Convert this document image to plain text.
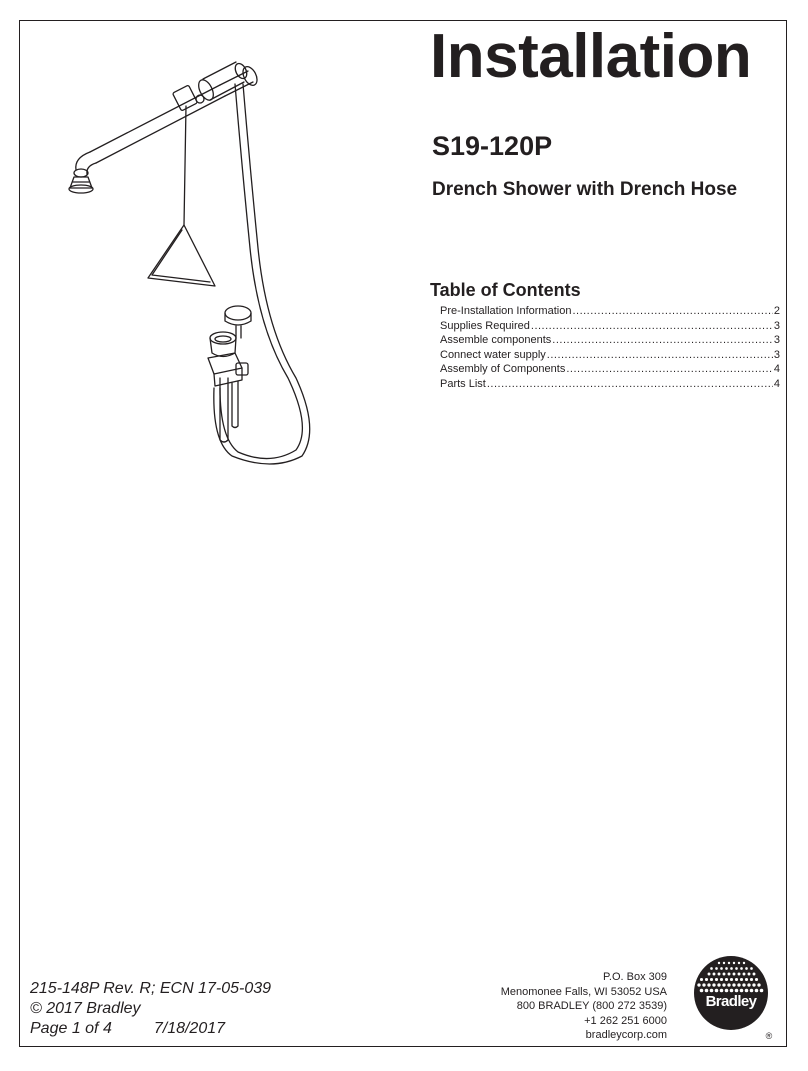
Installation
S19-120P
Drench Shower with Drench Hose
Table of Contents
Pre-Installation Information .....	2
Supplies Required .....	3
Assemble components .....	3
Connect water supply .....	3
Assembly of Components .....	4
Parts List .....	4
215-148P Rev. R; ECN 17-05-039
© 2017 Bradley
Page 1 of 4	7/18/2017
P.O. Box 309
Menomonee Falls, WI 53052 USA
800 BRADLEY (800 272 3539)
+1 262 251 6000
bradleycorp.com
Bradley
®
